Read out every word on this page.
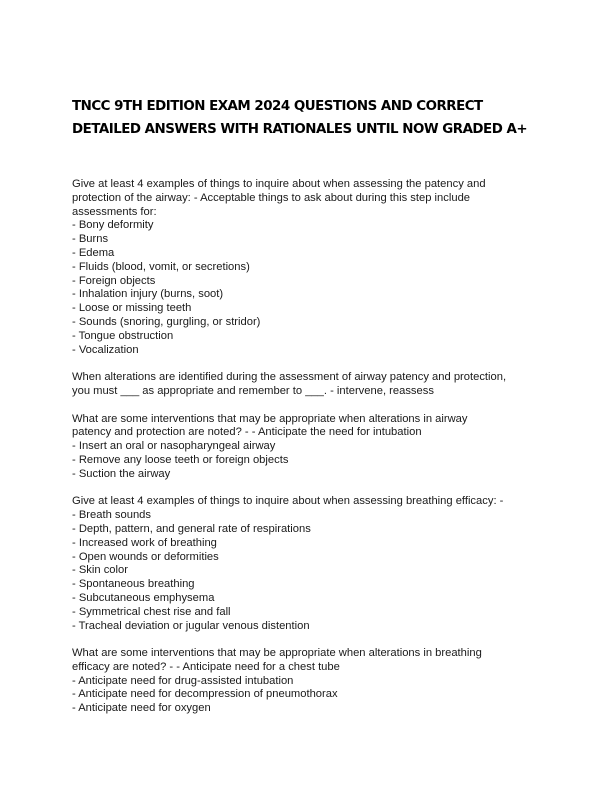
TNCC 9TH EDITION EXAM 2024 QUESTIONS AND CORRECT
DETAILED ANSWERS WITH RATIONALES UNTIL NOW GRADED A+
Give at least 4 examples of things to inquire about when assessing the patency and
protection of the airway: - Acceptable things to ask about during this step include
assessments for:
- Bony deformity
- Burns
- Edema
- Fluids (blood, vomit, or secretions)
- Foreign objects
- Inhalation injury (burns, soot)
- Loose or missing teeth
- Sounds (snoring, gurgling, or stridor)
- Tongue obstruction
- Vocalization
When alterations are identified during the assessment of airway patency and protection,
you must ___ as appropriate and remember to ___. - intervene, reassess
What are some interventions that may be appropriate when alterations in airway
patency and protection are noted? - - Anticipate the need for intubation
- Insert an oral or nasopharyngeal airway
- Remove any loose teeth or foreign objects
- Suction the airway
Give at least 4 examples of things to inquire about when assessing breathing efficacy: -
- Breath sounds
- Depth, pattern, and general rate of respirations
- Increased work of breathing
- Open wounds or deformities
- Skin color
- Spontaneous breathing
- Subcutaneous emphysema
- Symmetrical chest rise and fall
- Tracheal deviation or jugular venous distention
What are some interventions that may be appropriate when alterations in breathing
efficacy are noted? - - Anticipate need for a chest tube
- Anticipate need for drug-assisted intubation
- Anticipate need for decompression of pneumothorax
- Anticipate need for oxygen
